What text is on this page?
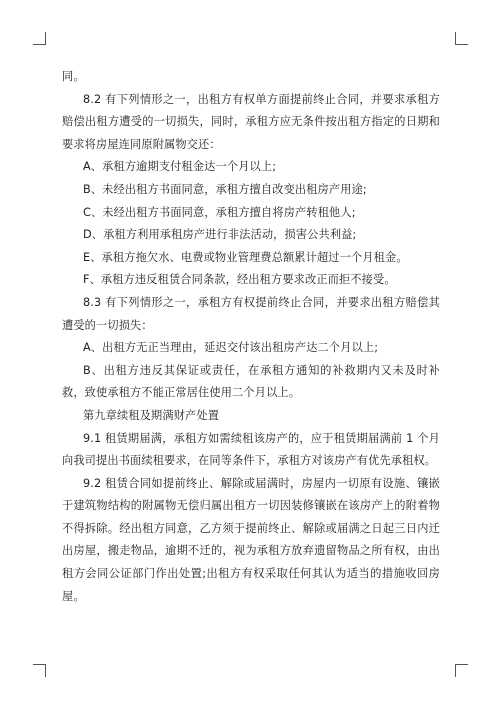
同。

8.2 有下列情形之一，出租方有权单方面提前终止合同，并要求承租方赔偿出租方遭受的一切损失，同时，承租方应无条件按出租方指定的日期和要求将房屋连同原附属物交还：

A、承租方逾期支付租金达一个月以上;

B、未经出租方书面同意，承租方擅自改变出租房产用途;

C、未经出租方书面同意，承租方擅自将房产转租他人;

D、承租方利用承租房产进行非法活动，损害公共利益;

E、承租方拖欠水、电费或物业管理费总额累计超过一个月租金。

F、承租方违反租赁合同条款，经出租方要求改正而拒不接受。

8.3 有下列情形之一，承租方有权提前终止合同，并要求出租方赔偿其遭受的一切损失：

A、出租方无正当理由，延迟交付该出租房产达二个月以上;

B、出租方违反其保证或责任，在承租方通知的补救期内又未及时补救，致使承租方不能正常居住使用二个月以上。

第九章续租及期满财产处置

9.1 租赁期届满，承租方如需续租该房产的，应于租赁期届满前 1 个月向我司提出书面续租要求，在同等条件下，承租方对该房产有优先承租权。

9.2 租赁合同如提前终止、解除或届满时，房屋内一切原有设施、镶嵌于建筑物结构的附属物无偿归属出租方一切因装修镶嵌在该房产上的附着物不得拆除。经出租方同意，乙方须于提前终止、解除或届满之日起三日内迁出房屋，搬走物品，逾期不迁的，视为承租方放弃遗留物品之所有权，由出租方会同公证部门作出处置;出租方有权采取任何其认为适当的措施收回房屋。
